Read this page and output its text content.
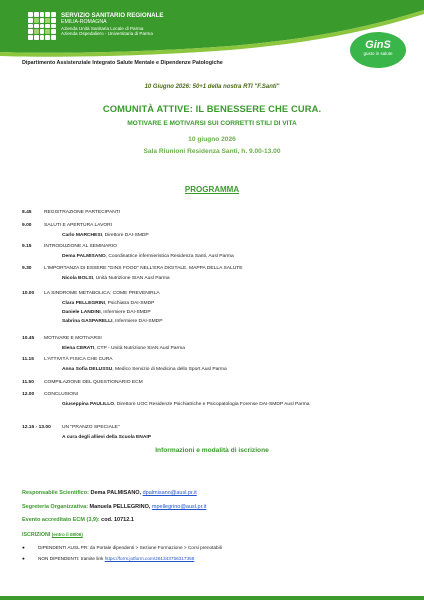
SERVIZIO SANITARIO REGIONALE
EMILIA-ROMAGNA
Azienda Unità Sanitaria Locale di Parma
Azienda Ospedaliero - Universitaria di Parma
GinS
gusto in salute
Dipartimento Assistenziale Integrato Salute Mentale e Dipendenze Patologiche
10 Giugno 2026: 50+1 della nostra RTI "F.Santi"
COMUNITÀ ATTIVE: IL BENESSERE CHE CURA.
MOTIVARE E MOTIVARSI SUI CORRETTI STILI DI VITA
10 giugno 2026
Sala Riunioni Residenza Santi, h. 9.00-13.00
PROGRAMMA
8.45	REGISTRAZIONE PARTECIPANTI
9.00	SALUTI E APERTURA LAVORI
Carlo MARCHESI, Direttore DAI-SMDP
9.15	INTRODUZIONE AL SEMINARIO
Dema PALMISANO, Coordinatrice infermieristica Residenza Santi, Ausl Parma
9.30	L'IMPORTANZA DI ESSERE "GINS FOOD" NELL'ERA DIGITALE. MAPPA DELLA SALUTE
Nicola BOLSI, Unità Nutrizione SIAN Ausl Parma
10.00 LA SINDROME METABOLICA: COME PREVENIRLA
Clara PELLEGRINI, Psichiatra DAI-SMDP
Daniele LANDINI, Infermiere DAI-SMDP
Sabrina GASPARELLI, Infermiere DAI-SMDP
10.45 MOTIVARE E MOTIVARSI
Elena CERATI, CTP - Unità Nutrizione SIAN Ausl Parma
11.15 L'ATTIVITÀ FISICA CHE CURA
Anna Sofia DELUSSU, Medico Servizio di Medicina dello Sport Ausl Parma
11.50 COMPILAZIONE DEL QUESTIONARIO ECM
12.00 CONCLUSIONI
Giuseppina PAULILLO, Direttore UOC Residenze Psichiatriche e Psicopatologia Forense DAI-SMDP Ausl Parma
12.15 - 13.00 UN "PRANZO SPECIALE"
A cura degli allievi della Scuola ENAIP
Informazioni e modalità di iscrizione
Responsabile Scientifico: Dema PALMISANO, dpalmisano@ausl.pr.it
Segreteria Organizzativa: Manuela PELLEGRINO, mpellegrino@ausl.pr.it
Evento accreditato ECM (3,9): cod. 10712.1
ISCRIZIONI (entro il 08/06)
●	DIPENDENTI AUSL PR: da Portale dipendenti > Sezione Formazione > Corsi prenotabili
●	NON DIPENDENTI: tramite link https://form.jotform.com/261343756317358
